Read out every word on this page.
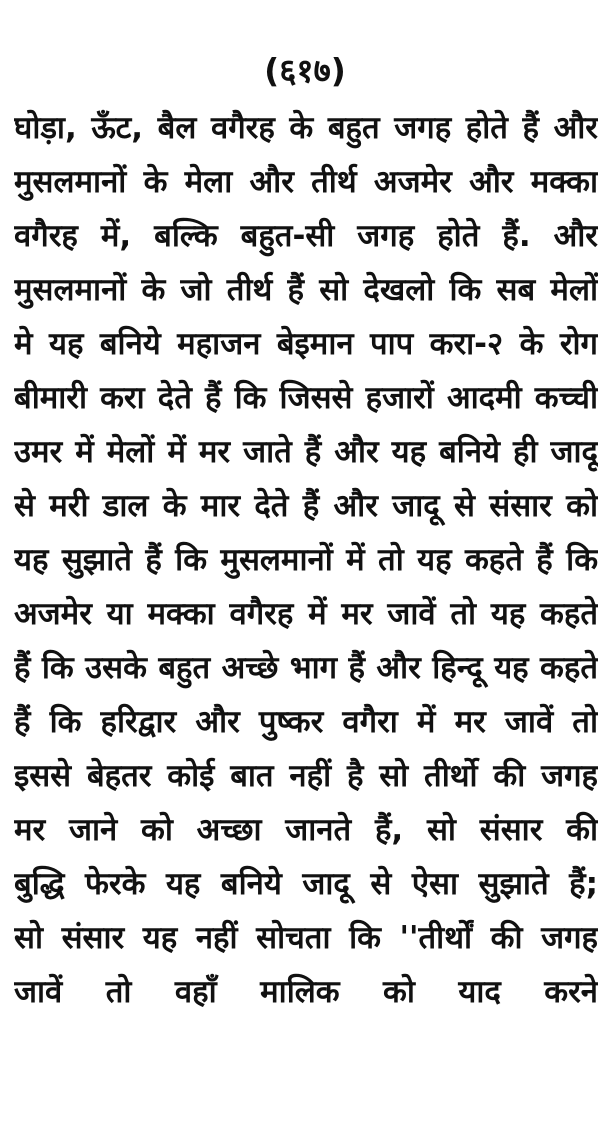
(६१७)
घोड़ा, ऊँट, बैल वगैरह के बहुत जगह होते हैं और
मुसलमानों के मेला और तीर्थ अजमेर और मक्का
वगैरह में, बल्कि बहुत-सी जगह होते हैं. और
मुसलमानों के जो तीर्थ हैं सो देखलो कि सब मेलों
मे यह बनिये महाजन बेइमान पाप करा-२ के रोग
बीमारी करा देते हैं कि जिससे हजारों आदमी कच्ची
उमर में मेलों में मर जाते हैं और यह बनिये ही जादू
से मरी डाल के मार देते हैं और जादू से संसार को
यह सुझाते हैं कि मुसलमानों में तो यह कहते हैं कि
अजमेर या मक्का वगैरह में मर जावें तो यह कहते
हैं कि उसके बहुत अच्छे भाग हैं और हिन्दू यह कहते
हैं कि हरिद्वार और पुष्कर वगैरा में मर जावें तो
इससे बेहतर कोई बात नहीं है सो तीर्थो की जगह
मर जाने को अच्छा जानते हैं, सो संसार की
बुद्धि फेरके यह बनिये जादू से ऐसा सुझाते हैं;
सो संसार यह नहीं सोचता कि ''तीर्थों की जगह
जावें तो वहाँ मालिक को याद करने
